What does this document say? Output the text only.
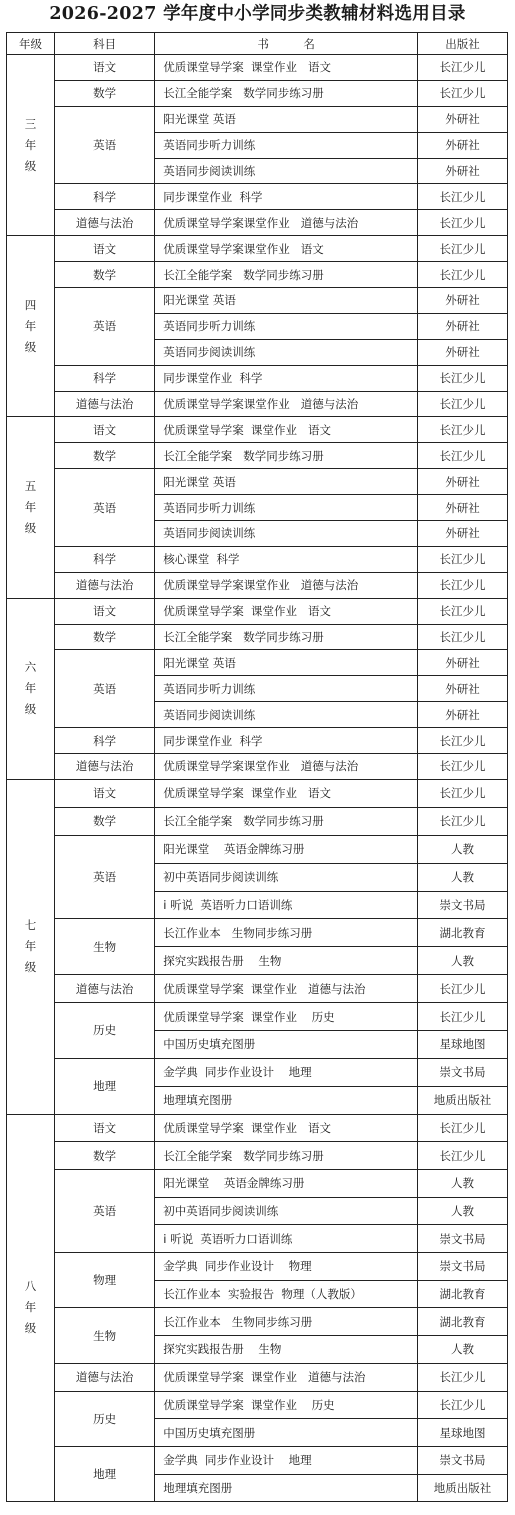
2026-2027 学年度中小学同步类教辅材料选用目录
年级	科目	书　　　名	出版社

三
年
级	语文	优质课堂导学案  课堂作业   语文	长江少儿
	数学	长江全能学案   数学同步练习册	长江少儿
	英语	阳光课堂 英语	外研社
		英语同步听力训练	外研社
		英语同步阅读训练	外研社
	科学	同步课堂作业  科学	长江少儿
	道德与法治	优质课堂导学案课堂作业   道德与法治	长江少儿

四
年
级	语文	优质课堂导学案课堂作业   语文	长江少儿
	数学	长江全能学案   数学同步练习册	长江少儿
	英语	阳光课堂 英语	外研社
		英语同步听力训练	外研社
		英语同步阅读训练	外研社
	科学	同步课堂作业  科学	长江少儿
	道德与法治	优质课堂导学案课堂作业   道德与法治	长江少儿

五
年
级	语文	优质课堂导学案  课堂作业   语文	长江少儿
	数学	长江全能学案   数学同步练习册	长江少儿
	英语	阳光课堂 英语	外研社
		英语同步听力训练	外研社
		英语同步阅读训练	外研社
	科学	核心课堂  科学	长江少儿
	道德与法治	优质课堂导学案课堂作业   道德与法治	长江少儿

六
年
级	语文	优质课堂导学案  课堂作业   语文	长江少儿
	数学	长江全能学案   数学同步练习册	长江少儿
	英语	阳光课堂 英语	外研社
		英语同步听力训练	外研社
		英语同步阅读训练	外研社
	科学	同步课堂作业  科学	长江少儿
	道德与法治	优质课堂导学案课堂作业   道德与法治	长江少儿

七
年
级	语文	优质课堂导学案  课堂作业   语文	长江少儿
	数学	长江全能学案   数学同步练习册	长江少儿
	英语	阳光课堂    英语金牌练习册	人教
		初中英语同步阅读训练	人教
		i 听说  英语听力口语训练	崇文书局
	生物	长江作业本   生物同步练习册	湖北教育
		探究实践报告册    生物	人教
	道德与法治	优质课堂导学案  课堂作业   道德与法治	长江少儿
	历史	优质课堂导学案  课堂作业    历史	长江少儿
		中国历史填充图册	星球地图
	地理	金学典  同步作业设计    地理	崇文书局
		地理填充图册	地质出版社

八
年
级	语文	优质课堂导学案  课堂作业   语文	长江少儿
	数学	长江全能学案   数学同步练习册	长江少儿
	英语	阳光课堂    英语金牌练习册	人教
		初中英语同步阅读训练	人教
		i 听说  英语听力口语训练	崇文书局
	物理	金学典  同步作业设计    物理	崇文书局
		长江作业本  实验报告  物理（人教版）	湖北教育
	生物	长江作业本   生物同步练习册	湖北教育
		探究实践报告册    生物	人教
	道德与法治	优质课堂导学案  课堂作业   道德与法治	长江少儿
	历史	优质课堂导学案  课堂作业    历史	长江少儿
		中国历史填充图册	星球地图
	地理	金学典  同步作业设计    地理	崇文书局
		地理填充图册	地质出版社
